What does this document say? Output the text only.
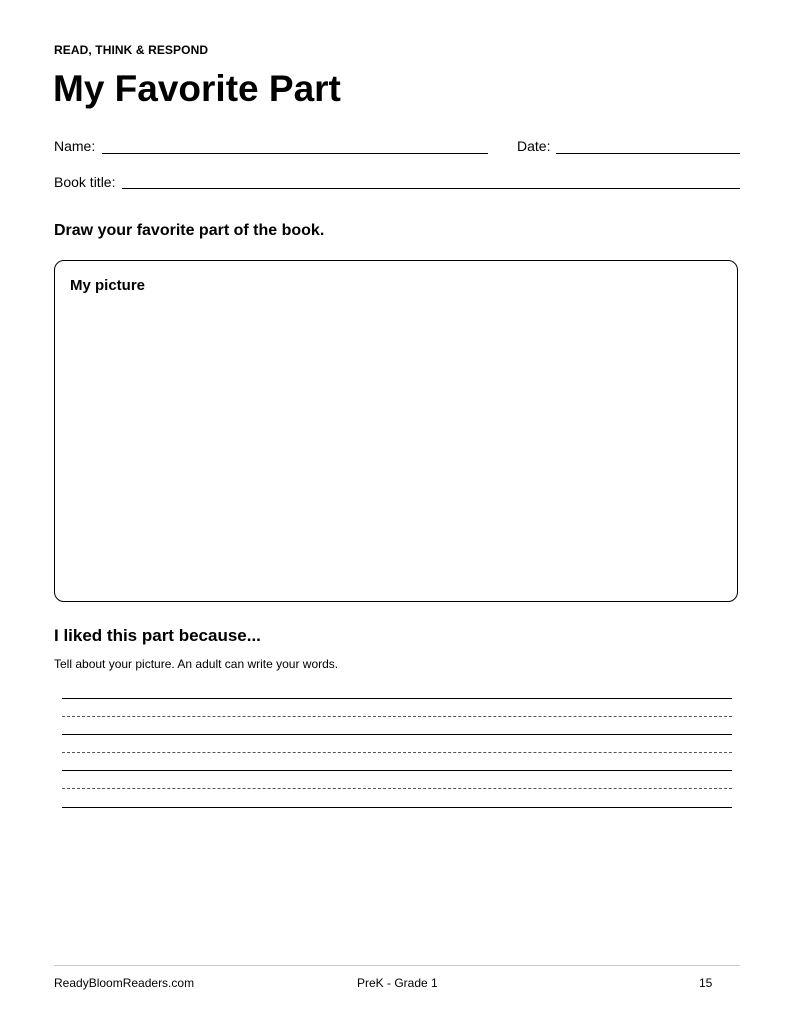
READ, THINK & RESPOND
My Favorite Part
Name:	Date:
Book title:
Draw your favorite part of the book.
My picture
I liked this part because...
Tell about your picture. An adult can write your words.
ReadyBloomReaders.com	PreK - Grade 1	15
